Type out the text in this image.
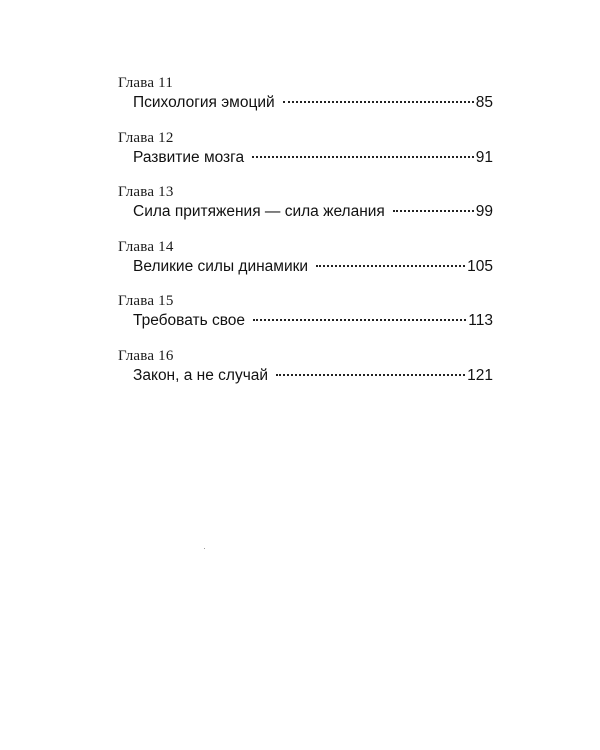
Глава 11
Психология эмоций	85
Глава 12
Развитие мозга	91
Глава 13
Сила притяжения — сила желания	99
Глава 14
Великие силы динамики	105
Глава 15
Требовать свое	113
Глава 16
Закон, а не случай	121
